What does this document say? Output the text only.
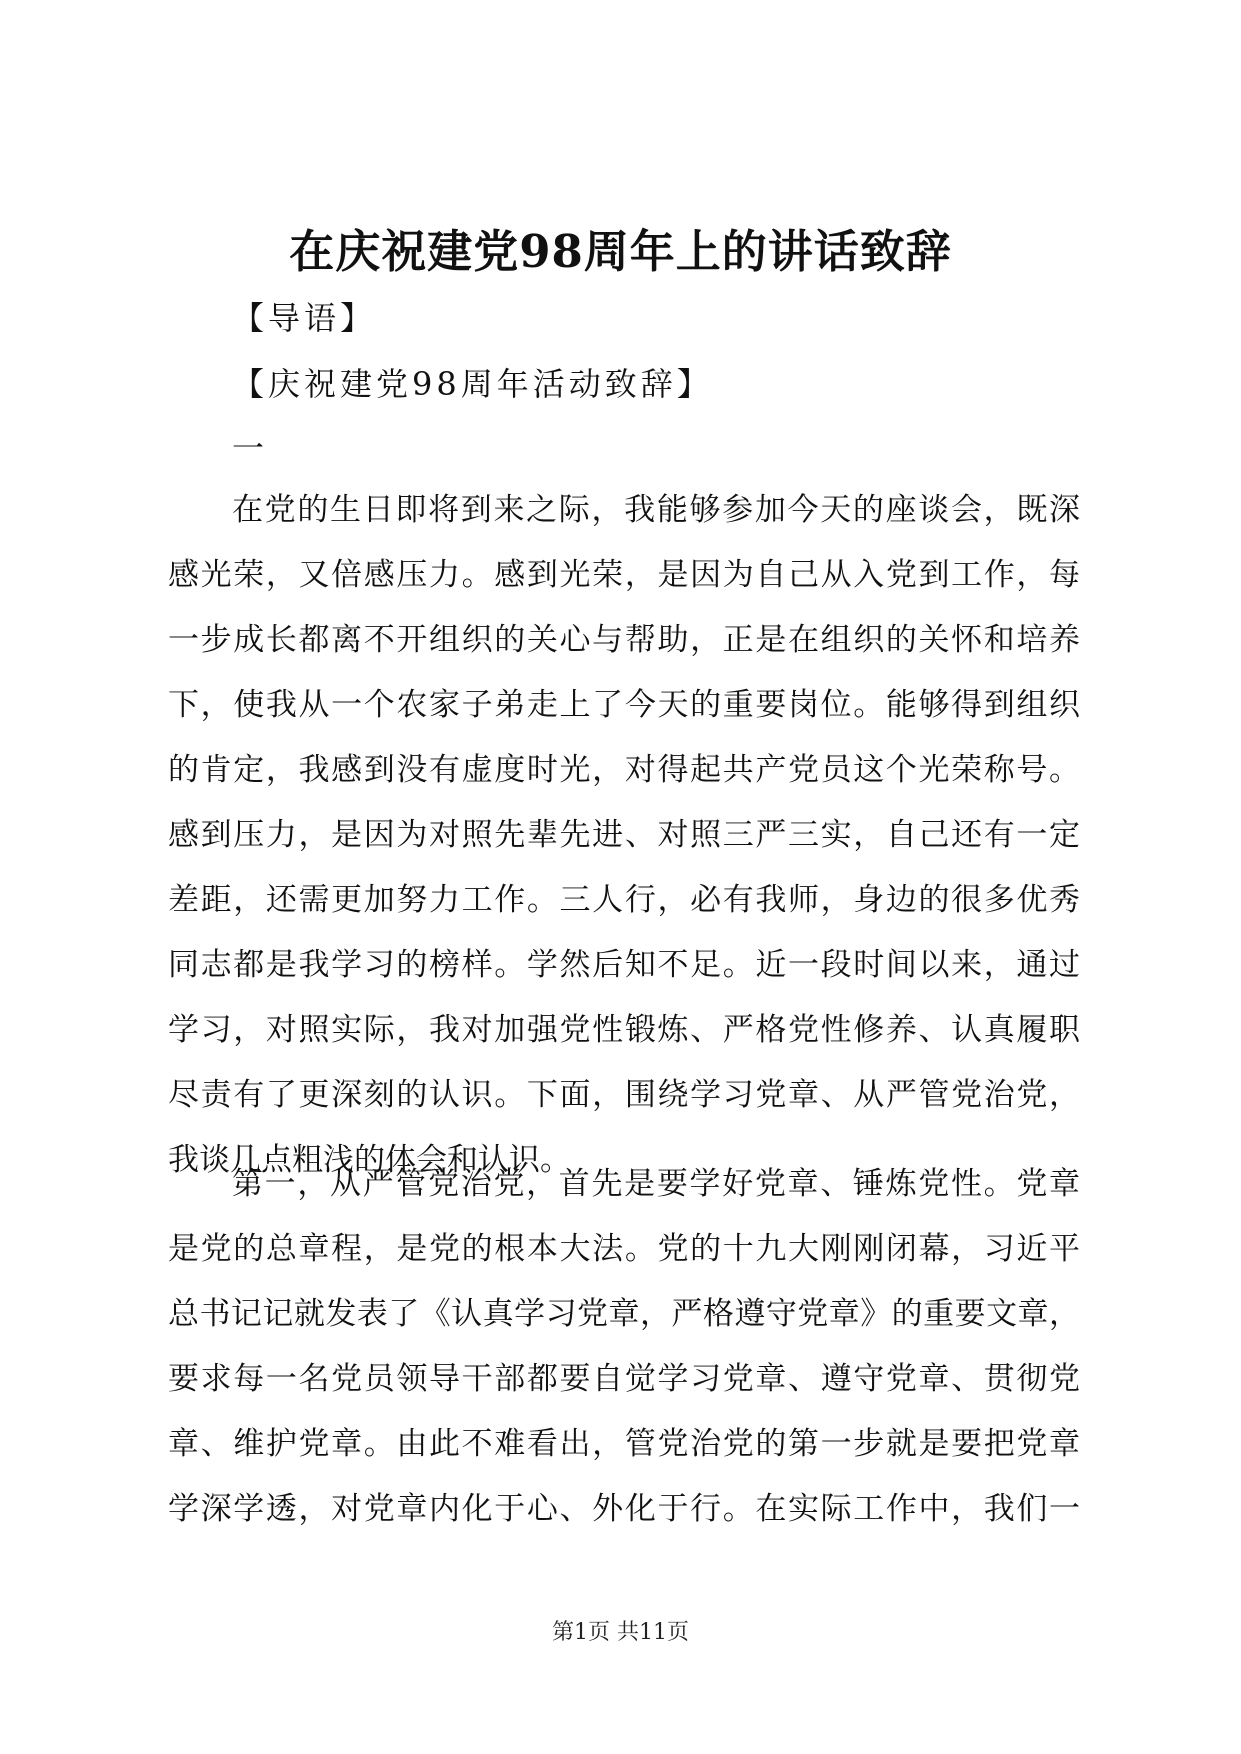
在庆祝建党98周年上的讲话致辞

【导语】

【庆祝建党98周年活动致辞】

一

在党的生日即将到来之际，我能够参加今天的座谈会，既深
感光荣，又倍感压力。感到光荣，是因为自己从入党到工作，每
一步成长都离不开组织的关心与帮助，正是在组织的关怀和培养
下，使我从一个农家子弟走上了今天的重要岗位。能够得到组织
的肯定，我感到没有虚度时光，对得起共产党员这个光荣称号。
感到压力，是因为对照先辈先进、对照三严三实，自己还有一定
差距，还需更加努力工作。三人行，必有我师，身边的很多优秀
同志都是我学习的榜样。学然后知不足。近一段时间以来，通过
学习，对照实际，我对加强党性锻炼、严格党性修养、认真履职
尽责有了更深刻的认识。下面，围绕学习党章、从严管党治党，
我谈几点粗浅的体会和认识。
第一，从严管党治党，首先是要学好党章、锤炼党性。党章
是党的总章程，是党的根本大法。党的十九大刚刚闭幕，习近平
总书记记就发表了《认真学习党章，严格遵守党章》的重要文章，
要求每一名党员领导干部都要自觉学习党章、遵守党章、贯彻党
章、维护党章。由此不难看出，管党治党的第一步就是要把党章
学深学透，对党章内化于心、外化于行。在实际工作中，我们一

第1页 共11页
